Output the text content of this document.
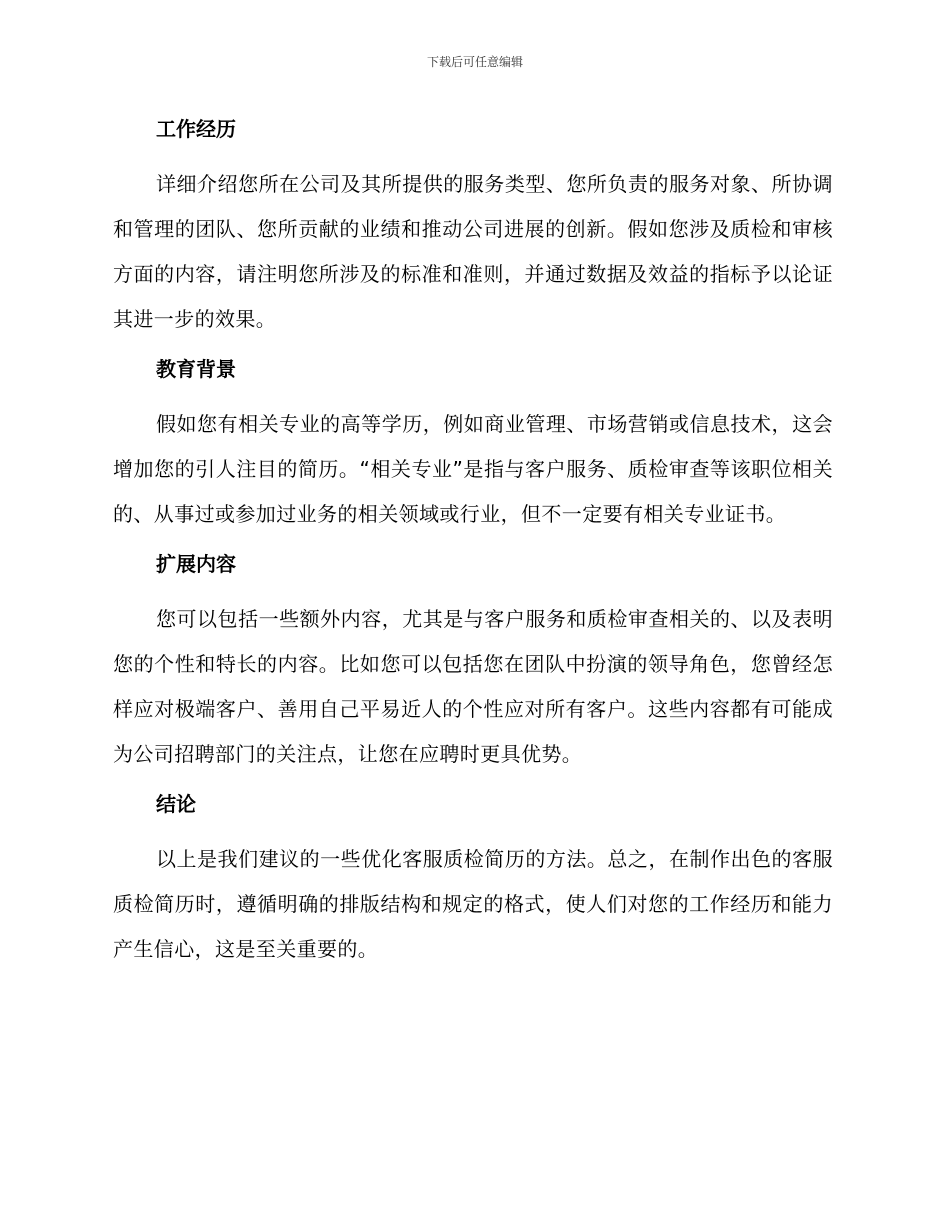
下载后可任意编辑
工作经历

详细介绍您所在公司及其所提供的服务类型、您所负责的服务对象、所协调和管理的团队、您所贡献的业绩和推动公司进展的创新。假如您涉及质检和审核方面的内容，请注明您所涉及的标准和准则，并通过数据及效益的指标予以论证其进一步的效果。

教育背景

假如您有相关专业的高等学历，例如商业管理、市场营销或信息技术，这会增加您的引人注目的简历。“相关专业”是指与客户服务、质检审查等该职位相关的、从事过或参加过业务的相关领域或行业，但不一定要有相关专业证书。

扩展内容

您可以包括一些额外内容，尤其是与客户服务和质检审查相关的、以及表明您的个性和特长的内容。比如您可以包括您在团队中扮演的领导角色，您曾经怎样应对极端客户、善用自己平易近人的个性应对所有客户。这些内容都有可能成为公司招聘部门的关注点，让您在应聘时更具优势。

结论

以上是我们建议的一些优化客服质检简历的方法。总之，在制作出色的客服质检简历时，遵循明确的排版结构和规定的格式，使人们对您的工作经历和能力产生信心，这是至关重要的。
